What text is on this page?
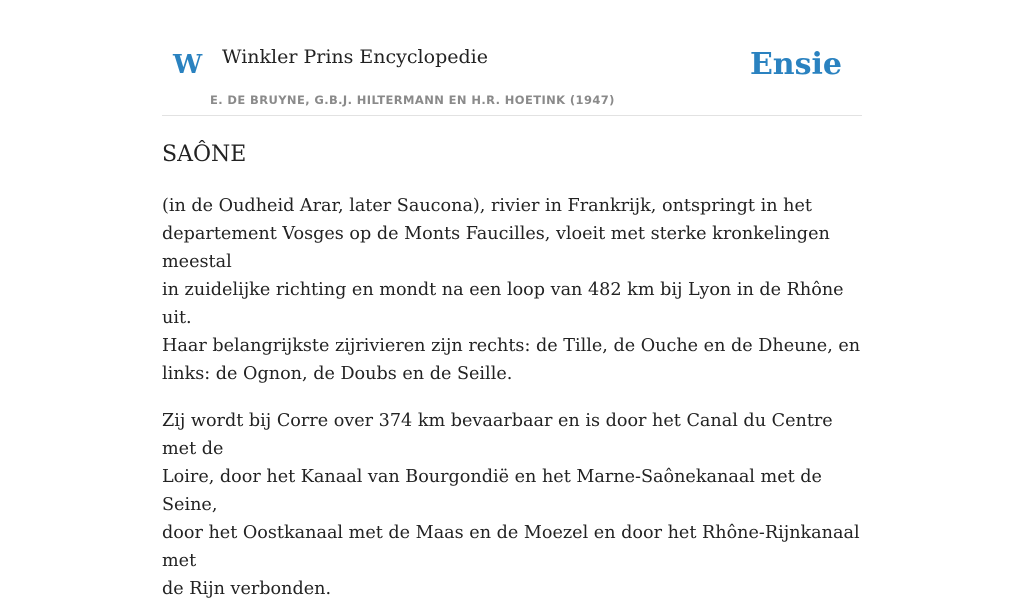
W Winkler Prins Encyclopedie
E. DE BRUYNE, G.B.J. HILTERMANN EN H.R. HOETINK (1947)
Ensie
SAÔNE

(in de Oudheid Arar, later Saucona), rivier in Frankrijk, ontspringt in het
departement Vosges op de Monts Faucilles, vloeit met sterke kronkelingen meestal
in zuidelijke richting en mondt na een loop van 482 km bij Lyon in de Rhône uit.
Haar belangrijkste zijrivieren zijn rechts: de Tille, de Ouche en de Dheune, en
links: de Ognon, de Doubs en de Seille.

Zij wordt bij Corre over 374 km bevaarbaar en is door het Canal du Centre met de
Loire, door het Kanaal van Bourgondië en het Marne-Saônekanaal met de Seine,
door het Oostkanaal met de Maas en de Moezel en door het Rhône-Rijnkanaal met
de Rijn verbonden.
